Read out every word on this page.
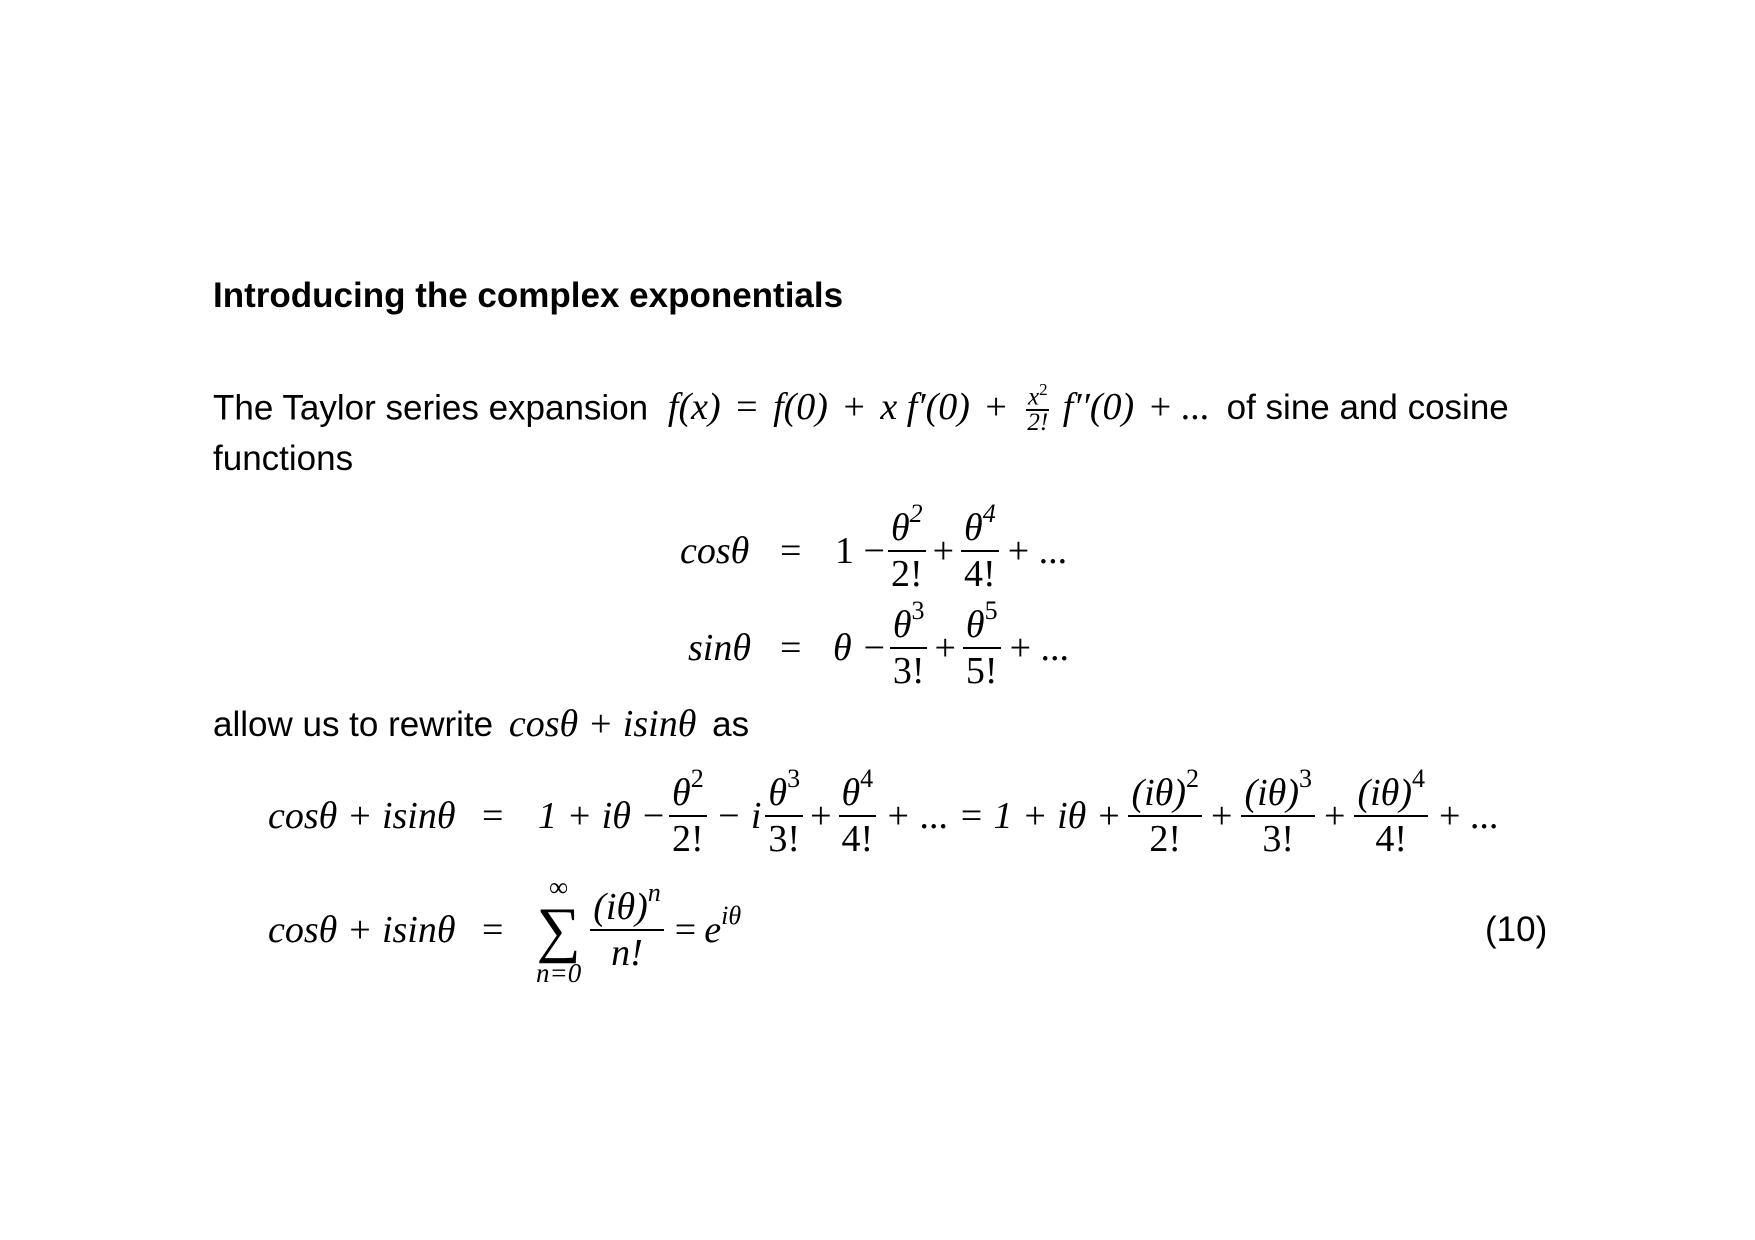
Introducing the complex exponentials
The Taylor series expansion f(x) = f(0) + x $f'(0) + \frac{x^2}{2!} f''(0)$ + ... of sine and cosine
functions
$\cos\theta = 1 - \frac{\theta^2}{2!} + \frac{\theta^4}{4!}$ + ...
$\sin\theta = \theta - \frac{\theta^3}{3!} + \frac{\theta^5}{5!}$ + ...
allow us to rewrite cosθ + isinθ as
$\cos\theta + isin\theta = 1 + i\theta - \frac{\theta^2}{2!} - i \frac{\theta^3}{3!} + \frac{\theta^4}{4!}$ + ... = $1 + i\theta + \frac{(i\theta)^2}{2!} + \frac{(i\theta)^3}{3!} + \frac{(i\theta)^4}{4!}$ + ...
cosθ + isinθ =
∞
∑
$n=0 \frac{(i\theta)^n}{n!} = e^{i\theta}$	(10)
